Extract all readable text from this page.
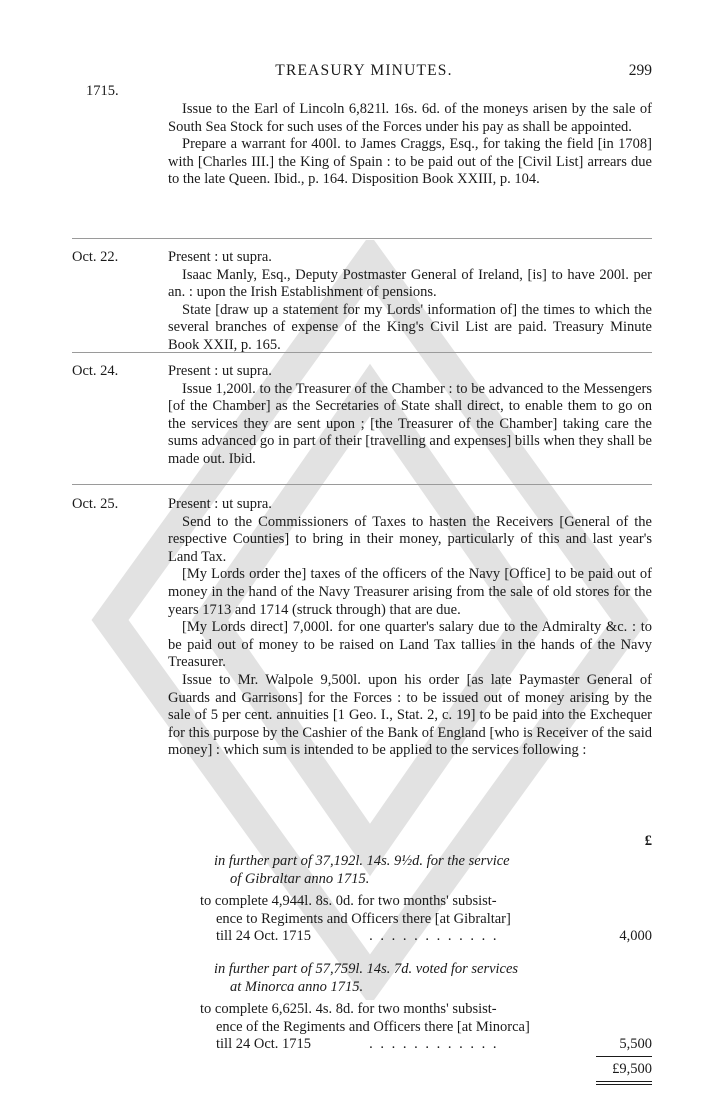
TREASURY MINUTES.	299
1715.

Issue to the Earl of Lincoln 6,821l. 16s. 6d. of the moneys arisen by the sale of South Sea Stock for such uses of the Forces under his pay as shall be appointed.

Prepare a warrant for 400l. to James Craggs, Esq., for taking the field [in 1708] with [Charles III.] the King of Spain : to be paid out of the [Civil List] arrears due to the late Queen. Ibid., p. 164. Disposition Book XXIII, p. 104.

Oct. 22.	Present : ut supra.

Isaac Manly, Esq., Deputy Postmaster General of Ireland, [is] to have 200l. per an. : upon the Irish Establishment of pensions.

State [draw up a statement for my Lords' information of] the times to which the several branches of expense of the King's Civil List are paid. Treasury Minute Book XXII, p. 165.

Oct. 24.	Present : ut supra.

Issue 1,200l. to the Treasurer of the Chamber : to be advanced to the Messengers [of the Chamber] as the Secretaries of State shall direct, to enable them to go on the services they are sent upon ; [the Treasurer of the Chamber] taking care the sums advanced go in part of their [travelling and expenses] bills when they shall be made out. Ibid.

Oct. 25.	Present : ut supra.

Send to the Commissioners of Taxes to hasten the Receivers [General of the respective Counties] to bring in their money, particularly of this and last year's Land Tax.

[My Lords order the] taxes of the officers of the Navy [Office] to be paid out of money in the hand of the Navy Treasurer arising from the sale of old stores for the years 1713 and 1714 (struck through) that are due.

[My Lords direct] 7,000l. for one quarter's salary due to the Admiralty &c. : to be paid out of money to be raised on Land Tax tallies in the hands of the Navy Treasurer.

Issue to Mr. Walpole 9,500l. upon his order [as late Paymaster General of Guards and Garrisons] for the Forces : to be issued out of money arising by the sale of 5 per cent. annuities [1 Geo. I., Stat. 2, c. 19] to be paid into the Exchequer for this purpose by the Cashier of the Bank of England [who is Receiver of the said money] : which sum is intended to be applied to the services following :

£
in further part of 37,192l. 14s. 9½d. for the service
of Gibraltar anno 1715.
to complete 4,944l. 8s. 0d. for two months' subsist-
ence to Regiments and Officers there [at Gibraltar]
till 24 Oct. 1715	. . . . . . . . . . . .	4,000
in further part of 57,759l. 14s. 7d. voted for services
at Minorca anno 1715.
to complete 6,625l. 4s. 8d. for two months' subsist-
ence of the Regiments and Officers there [at Minorca]
till 24 Oct. 1715	. . . . . . . . . . . .	5,500
£9,500
